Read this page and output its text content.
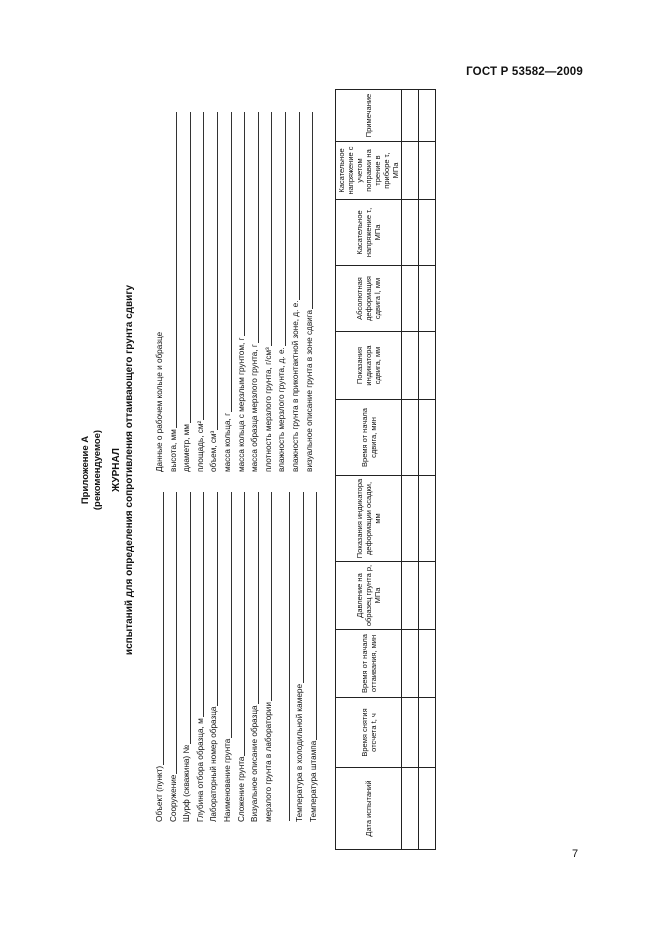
ГОСТ Р 53582—2009
Приложение А (рекомендуемое) ЖУРНАЛ испытаний для определения сопротивления оттаивающего грунта сдвигу
Объект (пункт) Сооружение Шурф (скважина) № Глубина отбора образца, м Лабораторный номер образца Наименование грунта Сложение грунта Визуальное описание образца мерзлого грунта в лаборатории	Температура в холодильной камере Температура штампа
Данные о рабочем кольце и образце высота, мм диаметр, мм площадь, см² объем, см³ масса кольца, г масса кольца с мерзлым грунтом, г масса образца мерзлого грунта, г плотность мерзлого грунта, г/см³ влажность мерзлого грунта, д. е. влажность грунта в приконтактной зоне, д. е. визуальное описание грунта в зоне сдвига
Дата испытаний	Время снятия отсчета t, ч	Время от начала оттаивания, мин	Давление на образец грунта p, МПа	Показания индикатора деформации осадки, мм	Время от начала сдвига, мин	Показания индикатора сдвига, мм	Абсолютная деформация сдвига l, мм	Касательное напряжение τ, МПа	Касательное напряжение с учетом поправки на трение в приборе τ, МПа	Примечание

7
